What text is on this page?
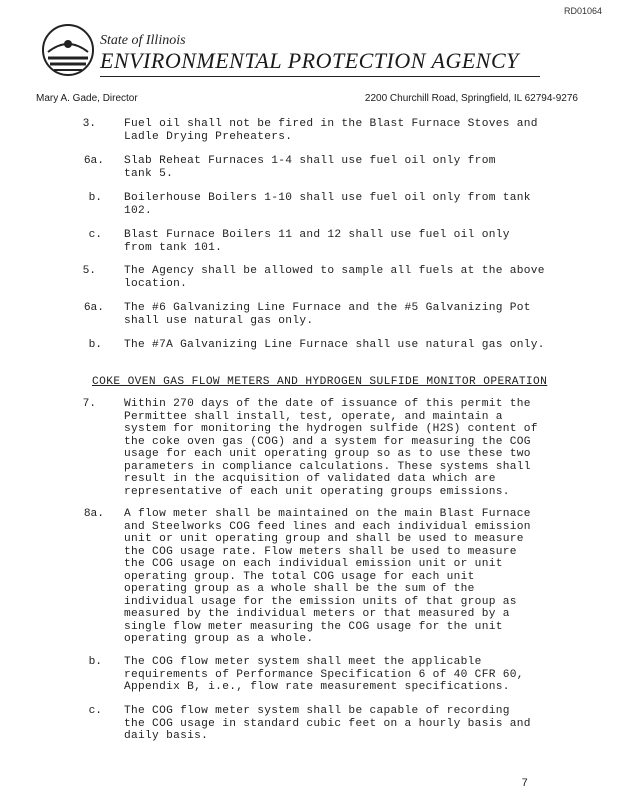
RD01064
State of Illinois
ENVIRONMENTAL PROTECTION AGENCY
Mary A. Gade, Director	2200 Churchill Road, Springfield, IL 62794-9276
3.	Fuel oil shall not be fired in the Blast Furnace Stoves and
Ladle Drying Preheaters.
6a. Slab Reheat Furnaces 1-4 shall use fuel oil only from
tank 5.
b. Boilerhouse Boilers 1-10 shall use fuel oil only from tank
102.
c. Blast Furnace Boilers 11 and 12 shall use fuel oil only
from tank 101.
5.	The Agency shall be allowed to sample all fuels at the above
location.
6a. The #6 Galvanizing Line Furnace and the #5 Galvanizing Pot
shall use natural gas only.
b. The #7A Galvanizing Line Furnace shall use natural gas only.
COKE OVEN GAS FLOW METERS AND HYDROGEN SULFIDE MONITOR OPERATION
7.	Within 270 days of the date of issuance of this permit the
Permittee shall install, test, operate, and maintain a
system for monitoring the hydrogen sulfide (H2S) content of
the coke oven gas (COG) and a system for measuring the COG
usage for each unit operating group so as to use these two
parameters in compliance calculations. These systems shall
result in the acquisition of validated data which are
representative of each unit operating groups emissions.
8a. A flow meter shall be maintained on the main Blast Furnace
and Steelworks COG feed lines and each individual emission
unit or unit operating group and shall be used to measure
the COG usage rate. Flow meters shall be used to measure
the COG usage on each individual emission unit or unit
operating group. The total COG usage for each unit
operating group as a whole shall be the sum of the
individual usage for the emission units of that group as
measured by the individual meters or that measured by a
single flow meter measuring the COG usage for the unit
operating group as a whole.
b. The COG flow meter system shall meet the applicable
requirements of Performance Specification 6 of 40 CFR 60,
Appendix B, i.e., flow rate measurement specifications.
c. The COG flow meter system shall be capable of recording
the COG usage in standard cubic feet on a hourly basis and
daily basis.
7
